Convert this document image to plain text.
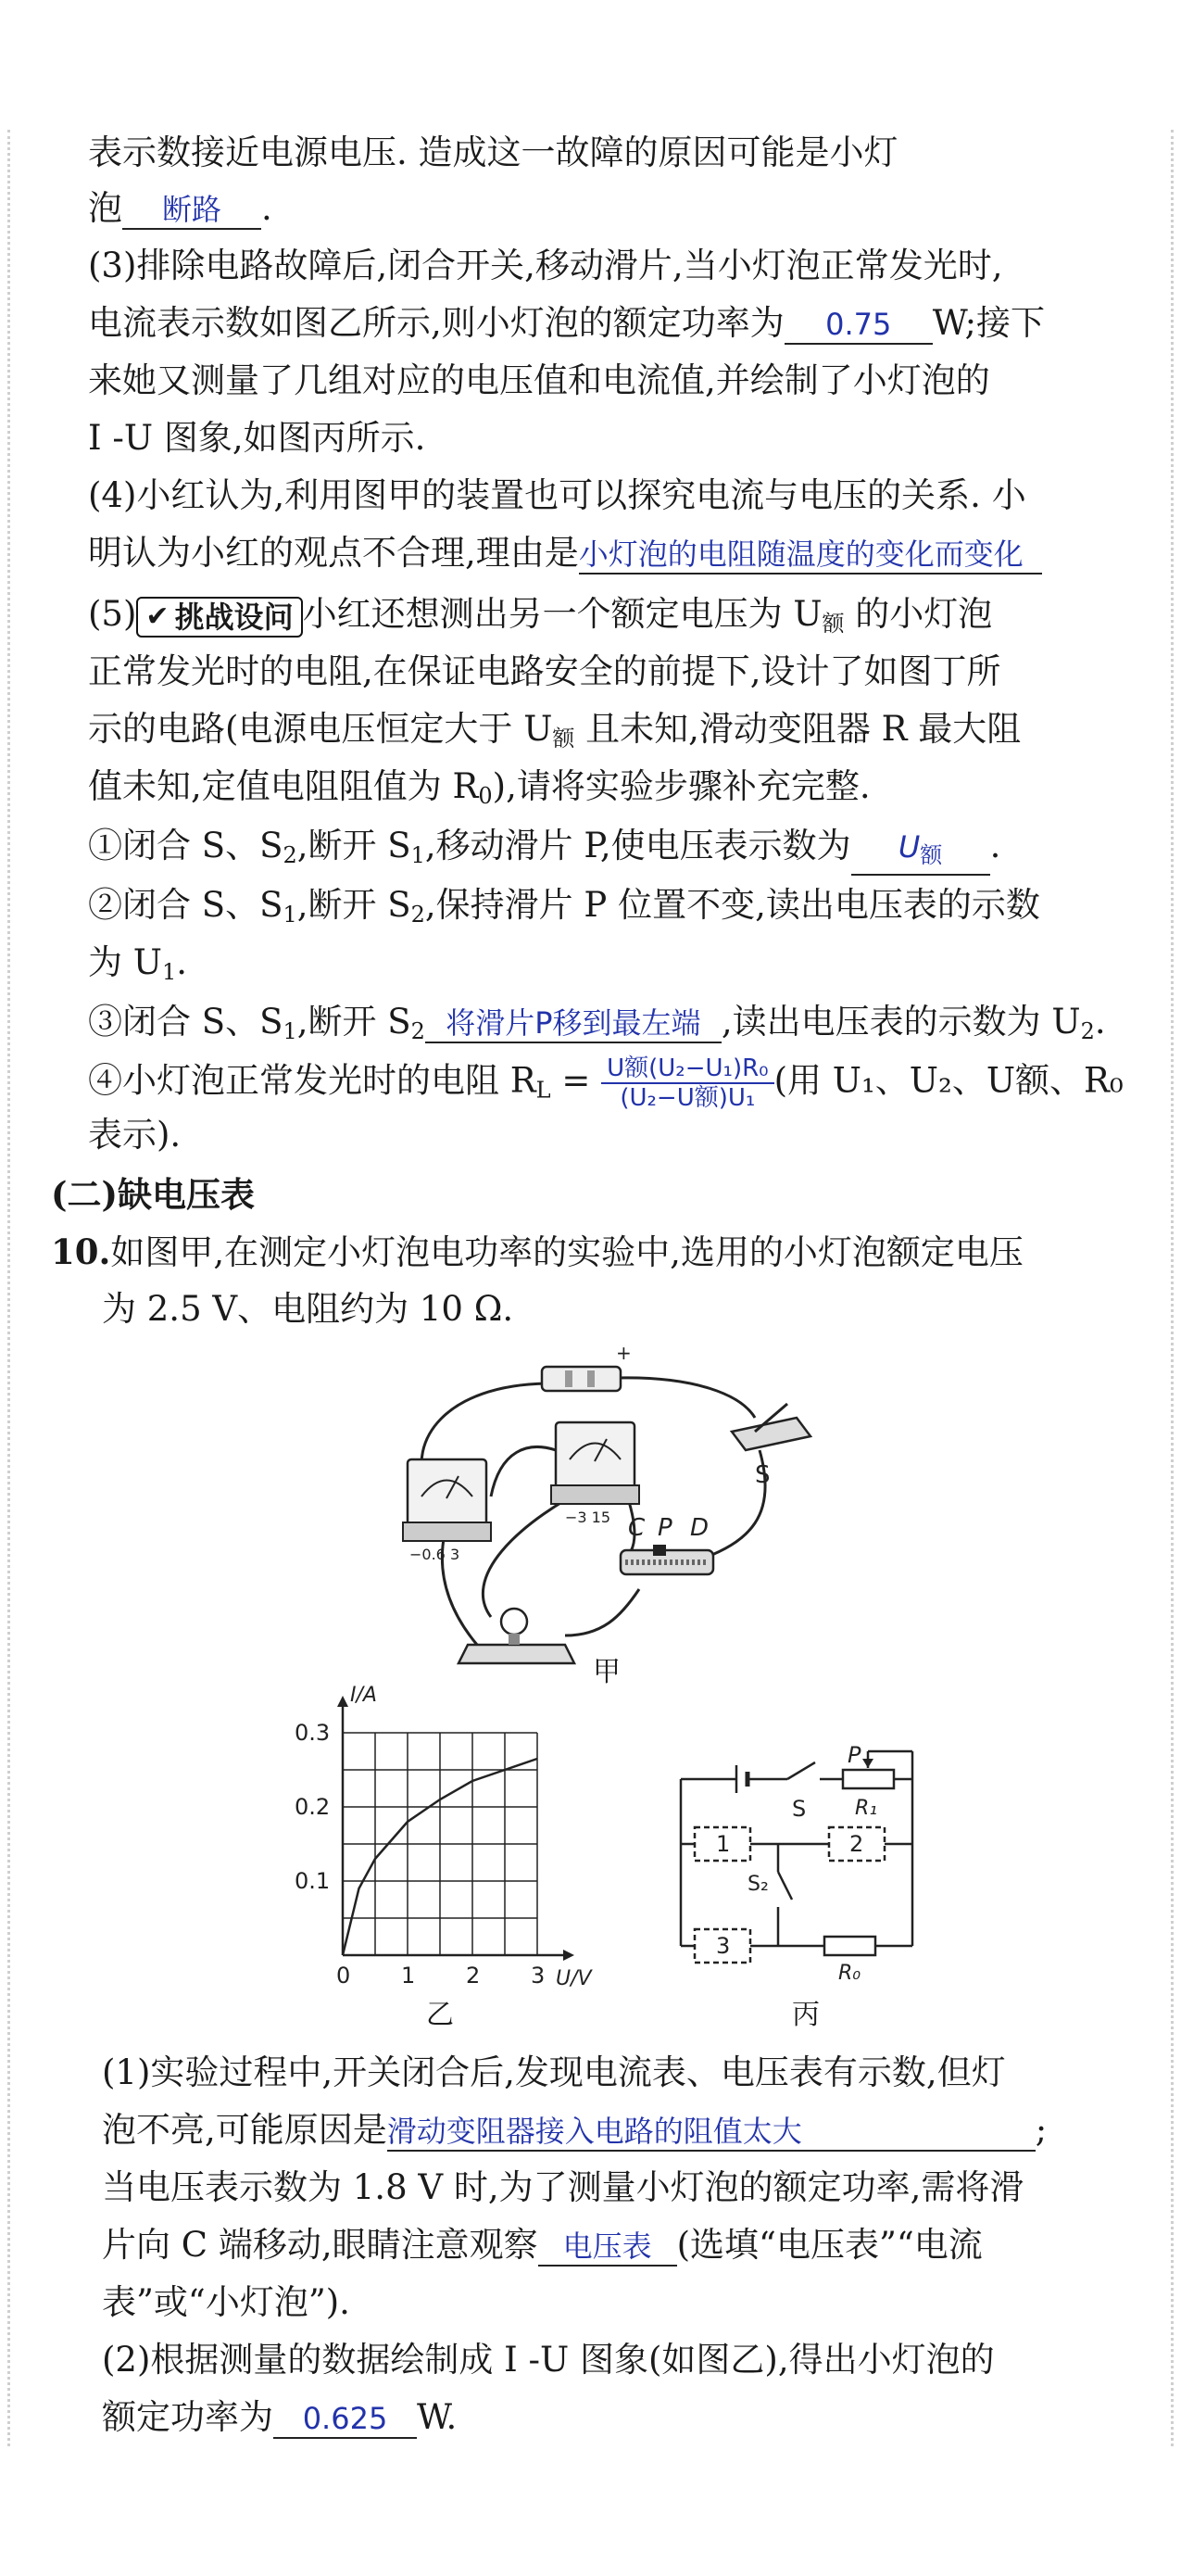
表示数接近电源电压. 造成这一故障的原因可能是小灯
泡 断路 .
(3)排除电路故障后,闭合开关,移动滑片,当小灯泡正常发光时,
电流表示数如图乙所示,则小灯泡的额定功率为 0.75 W;接下
来她又测量了几组对应的电压值和电流值,并绘制了小灯泡的
I -U 图象,如图丙所示.
(4)小红认为,利用图甲的装置也可以探究电流与电压的关系. 小
明认为小红的观点不合理,理由是小灯泡的电阻随温度的变化而变化
(5) ✔ 挑战设问 小红还想测出另一个额定电压为 $U_额$ 的小灯泡
正常发光时的电阻,在保证电路安全的前提下,设计了如图丁所
示的电路(电源电压恒定大于 $U_额$ 且未知,滑动变阻器 R 最大阻
值未知,定值电阻阻值为 $R_0$),请将实验步骤补充完整.
①闭合 S、$S_2$,断开 $S_1$,移动滑片 P,使电压表示数为 $U_额$ .
②闭合 S、$S_1$,断开 $S_2$,保持滑片 P 位置不变,读出电压表的示数
为 $U_1$.
③闭合 S、$S_1$,断开 $S_2$ 将滑片P移到最左端 ,读出电压表的示数为 $U_2$.
④小灯泡正常发光时的电阻 $R_L = \frac{\text{U额(U₂−U₁)R₀}}{\text{(U₂−U额)U₁}}$ (用 U₁、U₂、U额、R₀
表示).
(二)缺电压表
10.如图甲,在测定小灯泡电功率的实验中,选用的小灯泡额定电压
为 2.5 V、电阻约为 10 Ω.
+
S
−0.6 3
−3 15 C P D
甲
0 1 2 3
0.1
0.2
0.3
U/V
I/A
乙
P
S R₁
1	2
S₂
3
R₀
丙
(1)实验过程中,开关闭合后,发现电流表、电压表有示数,但灯
泡不亮,可能原因是滑动变阻器接入电路的阻值太大	;
当电压表示数为 1.8 V 时,为了测量小灯泡的额定功率,需将滑
片向 C 端移动,眼睛注意观察 电压表 (选填“电压表”“电流
表”或“小灯泡”).
(2)根据测量的数据绘制成 I -U 图象(如图乙),得出小灯泡的
额定功率为 0.625 W.
